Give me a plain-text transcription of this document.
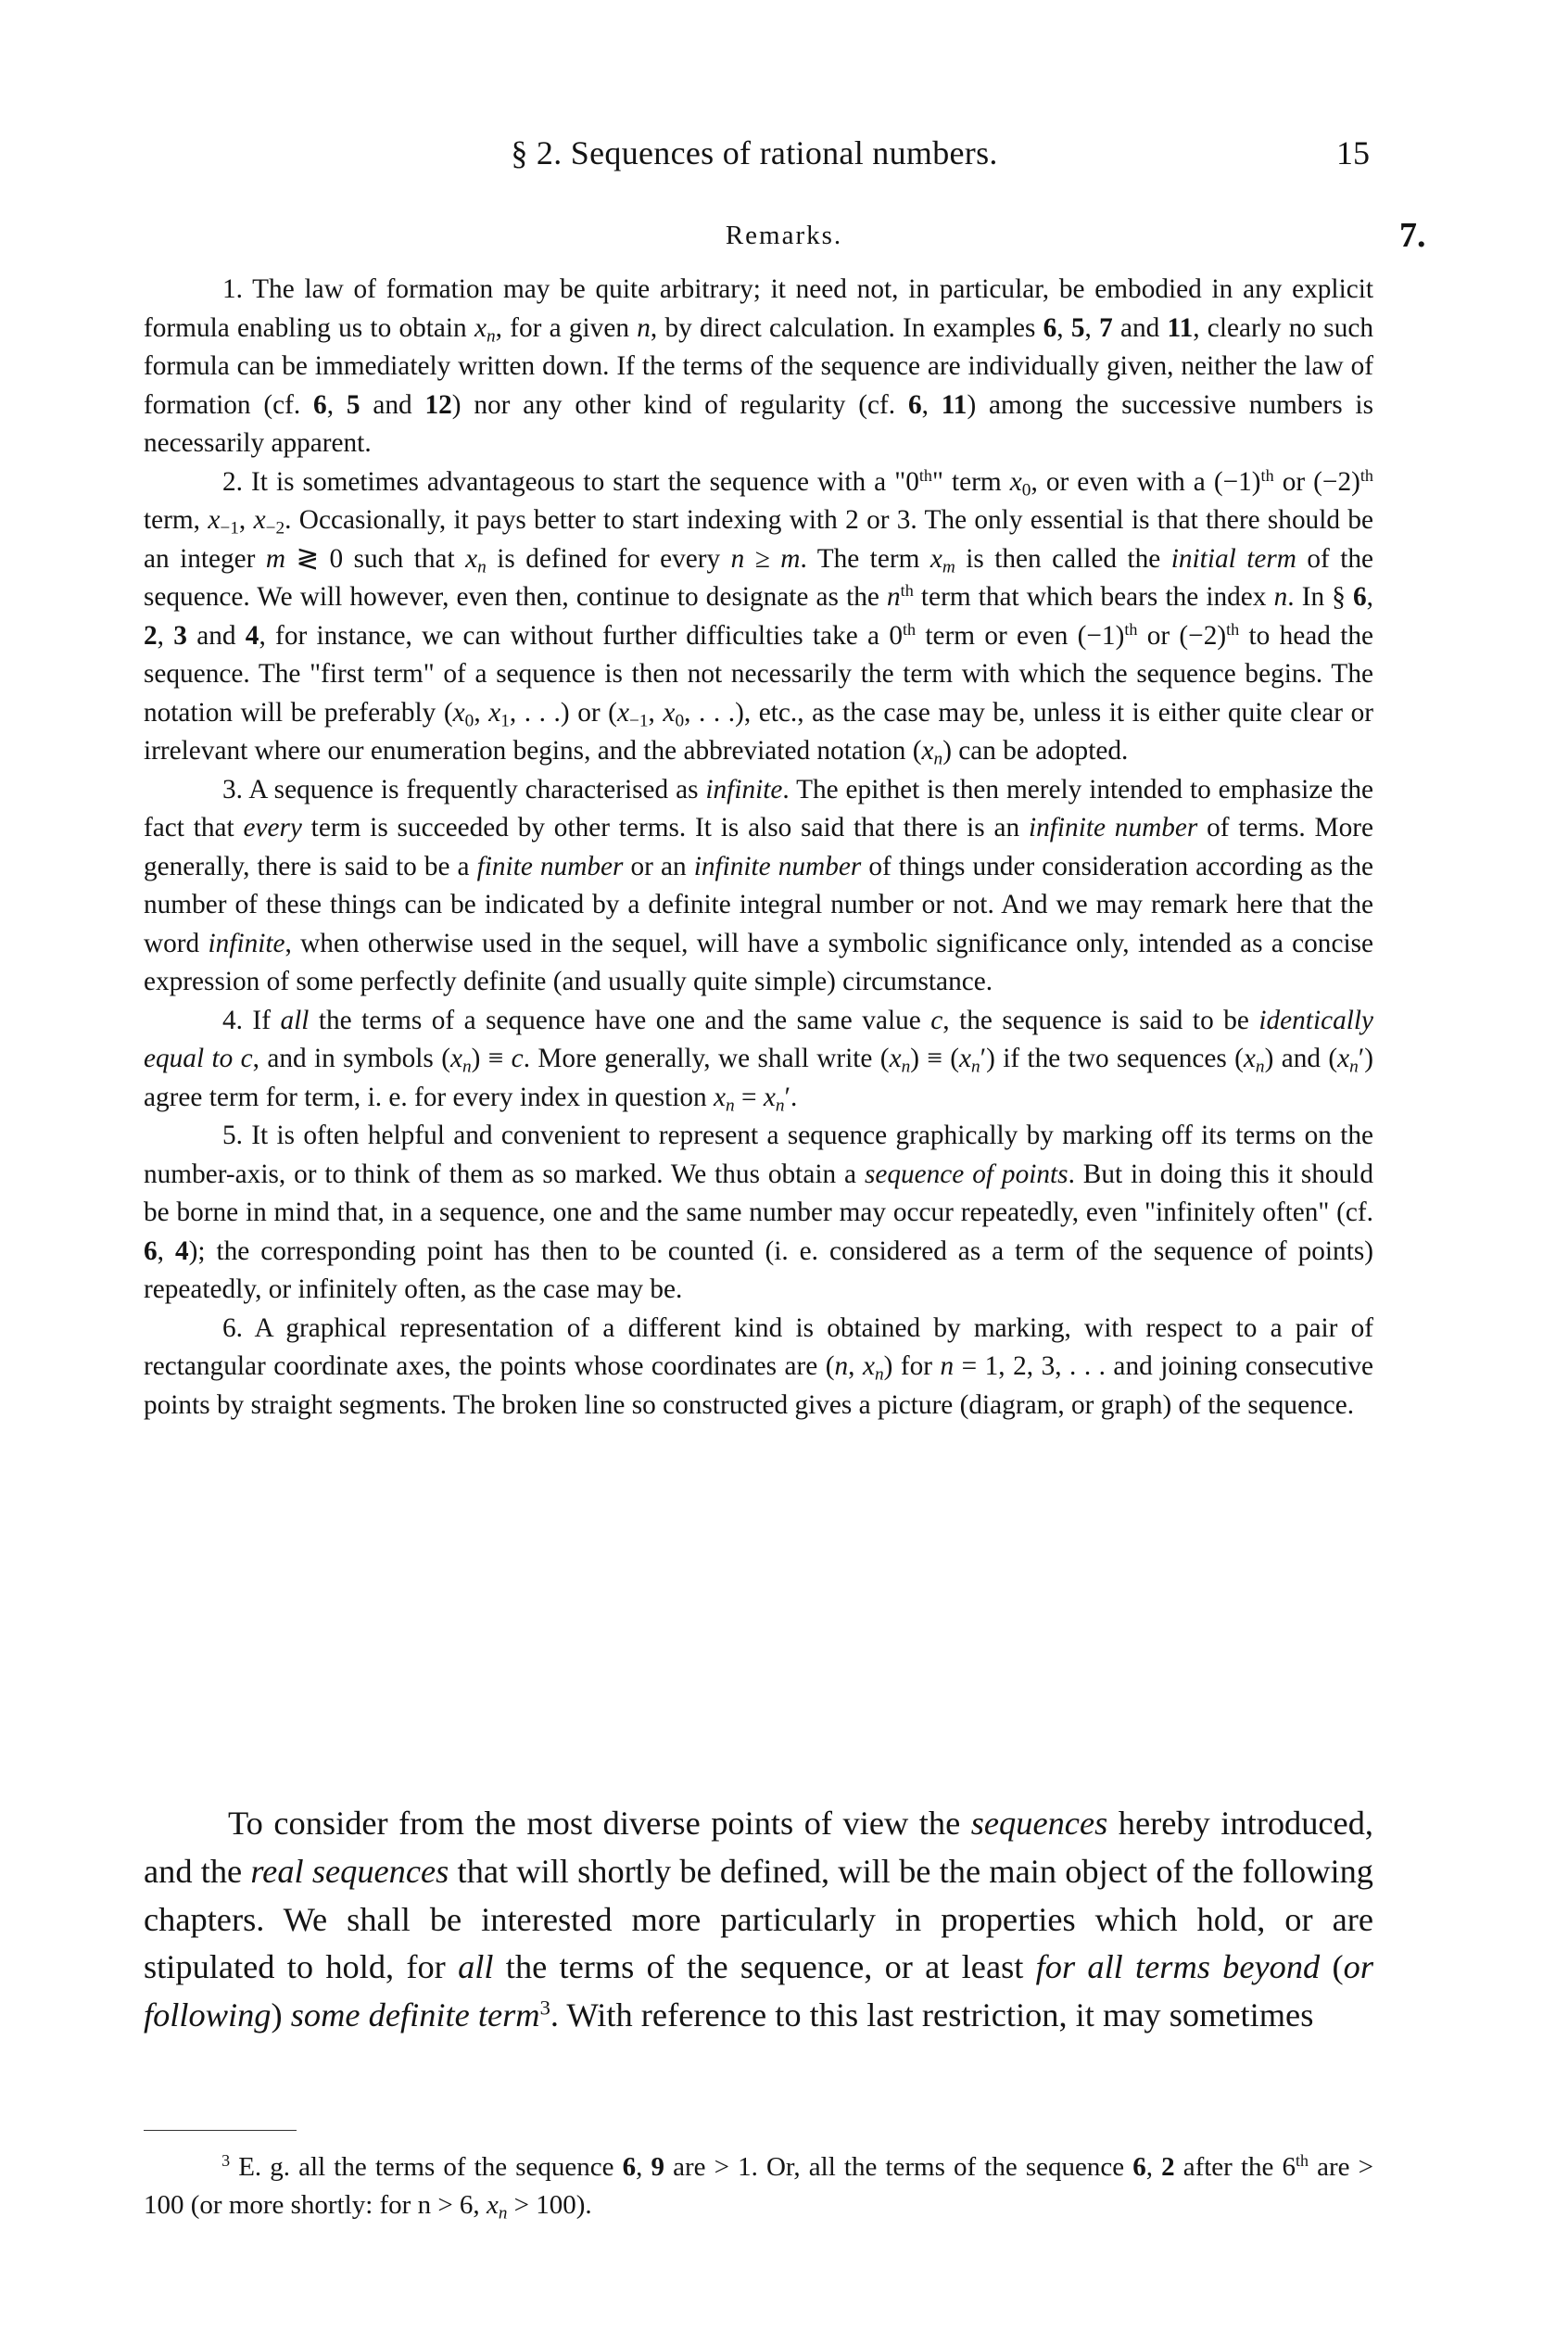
§ 2. Sequences of rational numbers.	15
7.
Remarks.

1. The law of formation may be quite arbitrary; it need not, in particular, be embodied in any explicit formula enabling us to obtain $x_n$, for a given n, by direct calculation. In examples 6, 5, 7 and 11, clearly no such formula can be immediately written down. If the terms of the sequence are individually given, neither the law of formation (cf. 6, 5 and 12) nor any other kind of regularity (cf. 6, 11) among the successive numbers is necessarily apparent.

2. It is sometimes advantageous to start the sequence with a "0th" term $x_0$, or even with a $(-1)^{th}$ or $(-2)^{th}$ term, $x_{-1}$, $x_{-2}$. Occasionally, it pays better to start indexing with 2 or 3. The only essential is that there should be an integer m ≷ 0 such that $x_n$ is defined for every n ≥ m. The term $x_m$ is then called the initial term of the sequence. We will however, even then, continue to designate as the $n^{th}$ term that which bears the index n. In § 6, 2, 3 and 4, for instance, we can without further difficulties take a 0th term or even $(-1)^{th}$ or $(-2)^{th}$ to head the sequence. The "first term" of a sequence is then not necessarily the term with which the sequence begins. The notation will be preferably ($x_0$, $x_1$, . . .) or ($x_{-1}$, $x_0$, . . .), etc., as the case may be, unless it is either quite clear or irrelevant where our enumeration begins, and the abbreviated notation $(x_n)$ can be adopted.

3. A sequence is frequently characterised as infinite. The epithet is then merely intended to emphasize the fact that every term is succeeded by other terms. It is also said that there is an infinite number of terms. More generally, there is said to be a finite number or an infinite number of things under consideration according as the number of these things can be indicated by a definite integral number or not. And we may remark here that the word infinite, when otherwise used in the sequel, will have a symbolic significance only, intended as a concise expression of some perfectly definite (and usually quite simple) circumstance.

4. If all the terms of a sequence have one and the same value c, the sequence is said to be identically equal to c, and in symbols $(x_n) \equiv c$. More generally, we shall write $(x_n) \equiv (x_n')$ if the two sequences $(x_n)$ and $(x_n')$ agree term for term, i. e. for every index in question $x_n = x_n'$.

5. It is often helpful and convenient to represent a sequence graphically by marking off its terms on the number-axis, or to think of them as so marked. We thus obtain a sequence of points. But in doing this it should be borne in mind that, in a sequence, one and the same number may occur repeatedly, even "infinitely often" (cf. 6, 4); the corresponding point has then to be counted (i. e. considered as a term of the sequence of points) repeatedly, or infinitely often, as the case may be.

6. A graphical representation of a different kind is obtained by marking, with respect to a pair of rectangular coordinate axes, the points whose coordinates are (n, $x_n$) for n = 1, 2, 3, . . . and joining consecutive points by straight segments. The broken line so constructed gives a picture (diagram, or graph) of the sequence.

To consider from the most diverse points of view the sequences hereby introduced, and the real sequences that will shortly be defined, will be the main object of the following chapters. We shall be interested more particularly in properties which hold, or are stipulated to hold, for all the terms of the sequence, or at least for all terms beyond (or following) some definite term$^3$. With reference to this last restriction, it may sometimes

$^3$ E. g. all the terms of the sequence 6, 9 are > 1. Or, all the terms of the sequence 6, 2 after the 6th are > 100 (or more shortly: for n > 6, $x_n > 100$).
